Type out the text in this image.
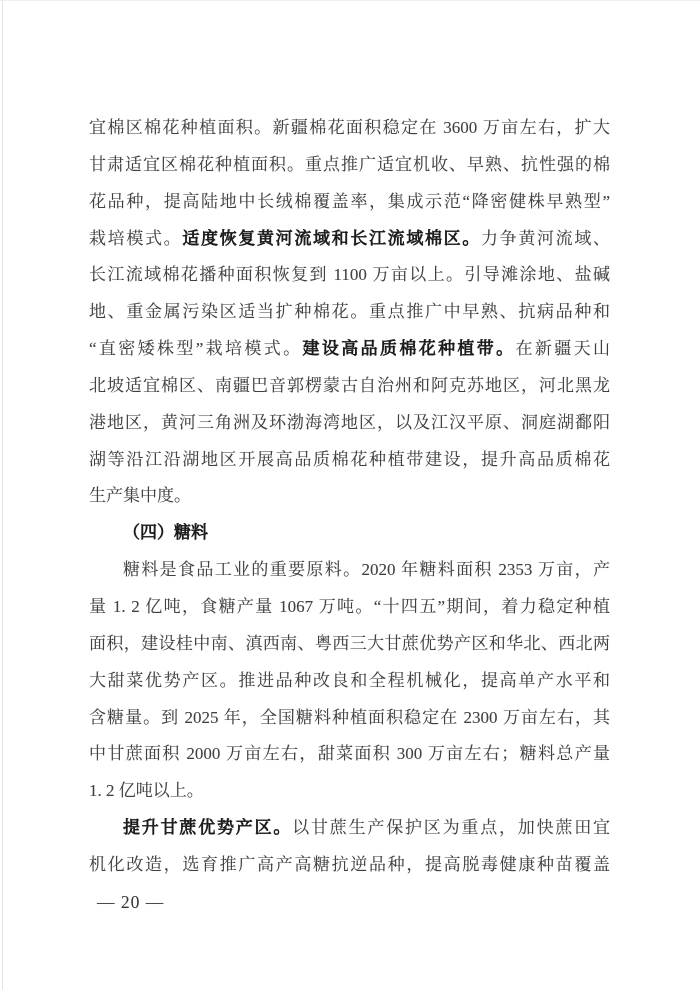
宜棉区棉花种植面积。新疆棉花面积稳定在 3600 万亩左右，扩大
甘肃适宜区棉花种植面积。重点推广适宜机收、早熟、抗性强的棉
花品种，提高陆地中长绒棉覆盖率，集成示范“降密健株早熟型”
栽培模式。适度恢复黄河流域和长江流域棉区。力争黄河流域、
长江流域棉花播种面积恢复到 1100 万亩以上。引导滩涂地、盐碱
地、重金属污染区适当扩种棉花。重点推广中早熟、抗病品种和
“直密矮株型”栽培模式。建设高品质棉花种植带。在新疆天山
北坡适宜棉区、南疆巴音郭楞蒙古自治州和阿克苏地区，河北黑龙
港地区，黄河三角洲及环渤海湾地区，以及江汉平原、洞庭湖鄱阳
湖等沿江沿湖地区开展高品质棉花种植带建设，提升高品质棉花
生产集中度。
（四）糖料
糖料是食品工业的重要原料。2020 年糖料面积 2353 万亩，产
量 1. 2 亿吨，食糖产量 1067 万吨。“十四五”期间，着力稳定种植
面积，建设桂中南、滇西南、粤西三大甘蔗优势产区和华北、西北两
大甜菜优势产区。推进品种改良和全程机械化，提高单产水平和
含糖量。到 2025 年，全国糖料种植面积稳定在 2300 万亩左右，其
中甘蔗面积 2000 万亩左右，甜菜面积 300 万亩左右；糖料总产量
1. 2 亿吨以上。
提升甘蔗优势产区。以甘蔗生产保护区为重点，加快蔗田宜
机化改造，选育推广高产高糖抗逆品种，提高脱毒健康种苗覆盖
— 20 —
